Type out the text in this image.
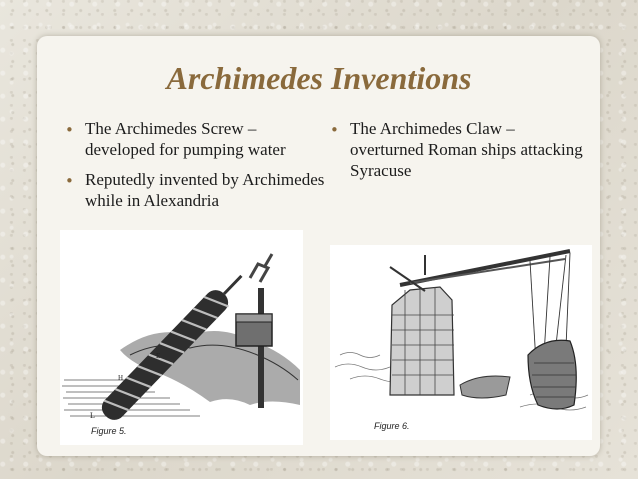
Archimedes Inventions
• The Archimedes Screw – developed for pumping water
• Reputedly invented by Archimedes while in Alexandria
• The Archimedes Claw – overturned Roman ships attacking Syracuse
L
H
E
Figure 5.	Figure 6.
